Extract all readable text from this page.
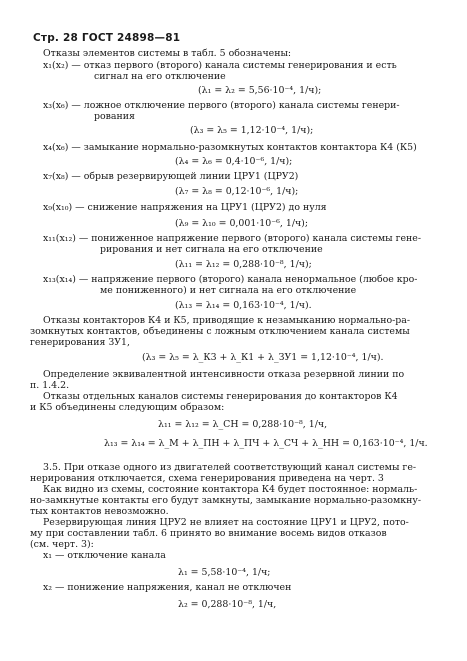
Стр. 28 ГОСТ 24898—81
Отказы элементов системы в табл. 5 обозначены:
x₁(x₂) — отказ первого (второго) канала системы генерирования и есть
сигнал на его отключение
(λ₁ = λ₂ = 5,56·10⁻⁴, 1/ч);
x₃(x₆) — ложное отключение первого (второго) канала системы генери-
рования
(λ₃ = λ₅ = 1,12·10⁻⁴, 1/ч);
x₄(x₆) — замыкание нормально-разомкнутых контактов контактора К4 (К5)
(λ₄ = λ₆ = 0,4·10⁻⁶, 1/ч);
x₇(x₈) — обрыв резервирующей линии ЦРУ1 (ЦРУ2)
(λ₇ = λ₈ = 0,12·10⁻⁶, 1/ч);
x₉(x₁₀) — снижение напряжения на ЦРУ1 (ЦРУ2) до нуля
(λ₉ = λ₁₀ = 0,001·10⁻⁶, 1/ч);
x₁₁(x₁₂) — пониженное напряжение первого (второго) канала системы гене-
рирования и нет сигнала на его отключение
(λ₁₁ = λ₁₂ = 0,288·10⁻⁸, 1/ч);
x₁₃(x₁₄) — напряжение первого (второго) канала ненормальное (любое кро-
ме пониженного) и нет сигнала на его отключение
(λ₁₃ = λ₁₄ = 0,163·10⁻⁴, 1/ч).
Отказы контакторов К4 и К5, приводящие к незамыканию нормально-ра-
зомкнутых контактов, объединены с ложным отключением канала системы
генерирования ЗУ1,
(λ₃ = λ₅ = λ_К3 + λ_К1 + λ_ЗУ1 = 1,12·10⁻⁴, 1/ч).
Определение эквивалентной интенсивности отказа резервной линии по
п. 1.4.2.
Отказы отдельных каналов системы генерирования до контакторов К4
и К5 объединены следующим образом:
λ₁₁ = λ₁₂ = λ_СН = 0,288·10⁻⁸, 1/ч,
λ₁₃ = λ₁₄ = λ_М + λ_ПН + λ_ПЧ + λ_СЧ + λ_НН = 0,163·10⁻⁴, 1/ч.
3.5. При отказе одного из двигателей соответствующий канал системы ге-
нерирования отключается, схема генерирования приведена на черт. 3
Как видно из схемы, состояние контактора К4 будет постоянное: нормаль-
но-замкнутые контакты его будут замкнуты, замыкание нормально-разомкну-
тых контактов невозможно.
Резервирующая линия ЦРУ2 не влияет на состояние ЦРУ1 и ЦРУ2, пото-
му при составлении табл. 6 принято во внимание восемь видов отказов
(см. черт. 3):
x₁ — отключение канала
λ₁ = 5,58·10⁻⁴, 1/ч;
x₂ — понижение напряжения, канал не отключен
λ₂ = 0,288·10⁻⁸, 1/ч,
